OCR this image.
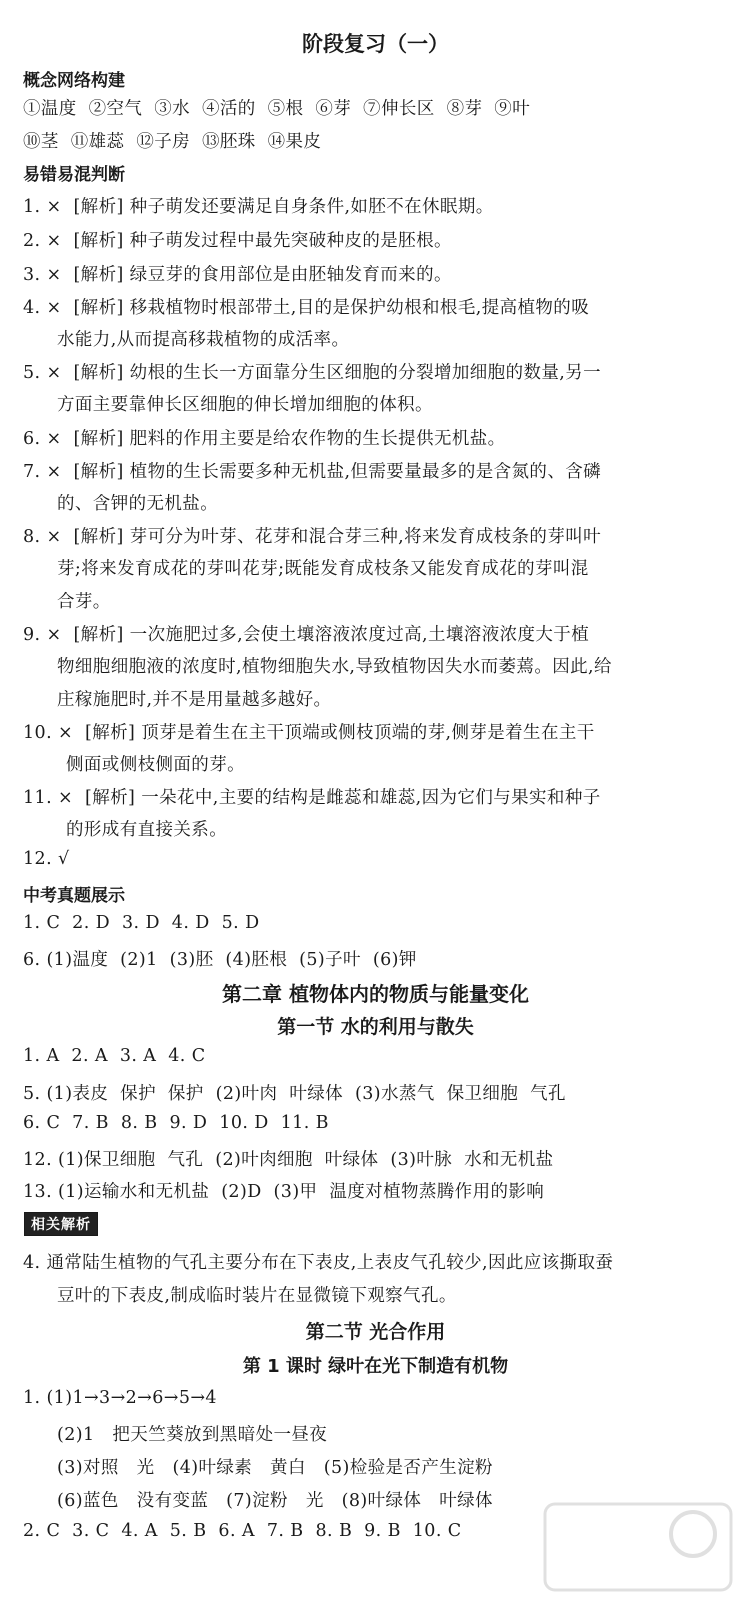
阶段复习（一）
概念网络构建
①温度  ②空气  ③水  ④活的  ⑤根  ⑥芽  ⑦伸长区  ⑧芽  ⑨叶
⑩茎  ⑪雄蕊  ⑫子房  ⑬胚珠  ⑭果皮
易错易混判断
1. ×  [解析] 种子萌发还要满足自身条件,如胚不在休眠期。
2. ×  [解析] 种子萌发过程中最先突破种皮的是胚根。
3. ×  [解析] 绿豆芽的食用部位是由胚轴发育而来的。
4. ×  [解析] 移栽植物时根部带土,目的是保护幼根和根毛,提高植物的吸
水能力,从而提高移栽植物的成活率。
5. ×  [解析] 幼根的生长一方面靠分生区细胞的分裂增加细胞的数量,另一
方面主要靠伸长区细胞的伸长增加细胞的体积。
6. ×  [解析] 肥料的作用主要是给农作物的生长提供无机盐。
7. ×  [解析] 植物的生长需要多种无机盐,但需要量最多的是含氮的、含磷
的、含钾的无机盐。
8. ×  [解析] 芽可分为叶芽、花芽和混合芽三种,将来发育成枝条的芽叫叶
芽;将来发育成花的芽叫花芽;既能发育成枝条又能发育成花的芽叫混
合芽。
9. ×  [解析] 一次施肥过多,会使土壤溶液浓度过高,土壤溶液浓度大于植
物细胞细胞液的浓度时,植物细胞失水,导致植物因失水而萎蔫。因此,给
庄稼施肥时,并不是用量越多越好。
10. ×  [解析] 顶芽是着生在主干顶端或侧枝顶端的芽,侧芽是着生在主干
侧面或侧枝侧面的芽。
11. ×  [解析] 一朵花中,主要的结构是雌蕊和雄蕊,因为它们与果实和种子
的形成有直接关系。
12. √
中考真题展示
1. C  2. D  3. D  4. D  5. D
6. (1)温度  (2)1  (3)胚  (4)胚根  (5)子叶  (6)钾
第二章 植物体内的物质与能量变化
第一节 水的利用与散失
1. A  2. A  3. A  4. C
5. (1)表皮  保护  保护  (2)叶肉  叶绿体  (3)水蒸气  保卫细胞  气孔
6. C  7. B  8. B  9. D  10. D  11. B
12. (1)保卫细胞  气孔  (2)叶肉细胞  叶绿体  (3)叶脉  水和无机盐
13. (1)运输水和无机盐  (2)D  (3)甲  温度对植物蒸腾作用的影响
相关解析
4. 通常陆生植物的气孔主要分布在下表皮,上表皮气孔较少,因此应该撕取蚕
豆叶的下表皮,制成临时装片在显微镜下观察气孔。
第二节 光合作用
第 1 课时 绿叶在光下制造有机物
1. (1)1→3→2→6→5→4
(2)1   把天竺葵放到黑暗处一昼夜
(3)对照   光   (4)叶绿素   黄白   (5)检验是否产生淀粉
(6)蓝色   没有变蓝   (7)淀粉   光   (8)叶绿体   叶绿体
2. C  3. C  4. A  5. B  6. A  7. B  8. B  9. B  10. C
